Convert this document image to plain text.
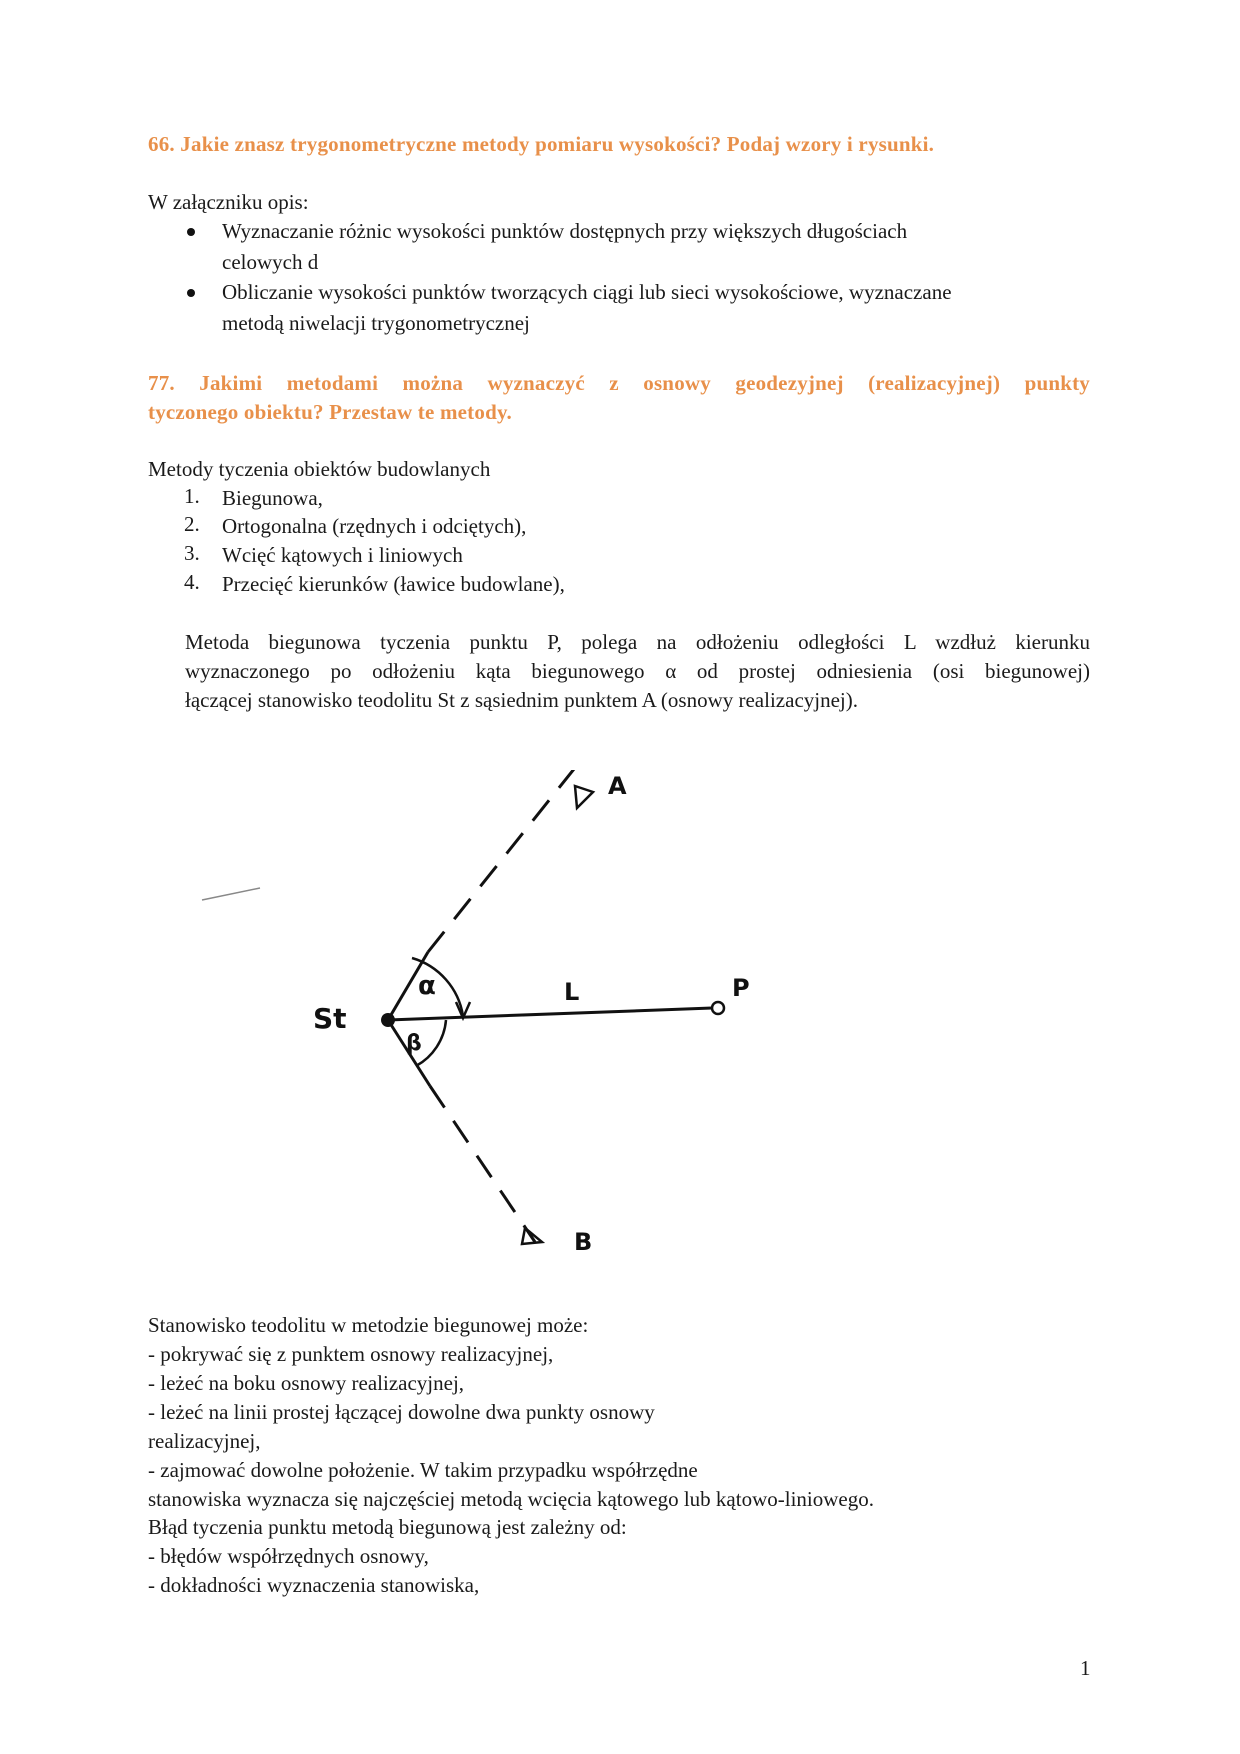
66. Jakie znasz trygonometryczne metody pomiaru wysokości? Podaj wzory i rysunki.
W załączniku opis:
Wyznaczanie różnic wysokości punktów dostępnych przy większych długościach
celowych d
Obliczanie wysokości punktów tworzących ciągi lub sieci wysokościowe, wyznaczane
metodą niwelacji trygonometrycznej
77. Jakimi metodami można wyznaczyć z osnowy geodezyjnej (realizacyjnej) punkty
tyczonego obiektu? Przestaw te metody.
Metody tyczenia obiektów budowlanych
1. Biegunowa,
2. Ortogonalna (rzędnych i odciętych),
3. Wcięć kątowych i liniowych
4. Przecięć kierunków (ławice budowlane),
Metoda biegunowa tyczenia punktu P, polega na odłożeniu odległości L wzdłuż kierunku
wyznaczonego po odłożeniu kąta biegunowego α od prostej odniesienia (osi biegunowej)
łączącej stanowisko teodolitu St z sąsiednim punktem A (osnowy realizacyjnej).
St
A
B
P
L
α
β
Stanowisko teodolitu w metodzie biegunowej może:
- pokrywać się z punktem osnowy realizacyjnej,
- leżeć na boku osnowy realizacyjnej,
- leżeć na linii prostej łączącej dowolne dwa punkty osnowy
realizacyjnej,
- zajmować dowolne położenie. W takim przypadku współrzędne
stanowiska wyznacza się najczęściej metodą wcięcia kątowego lub kątowo-liniowego.
Błąd tyczenia punktu metodą biegunową jest zależny od:
- błędów współrzędnych osnowy,
- dokładności wyznaczenia stanowiska,
1
